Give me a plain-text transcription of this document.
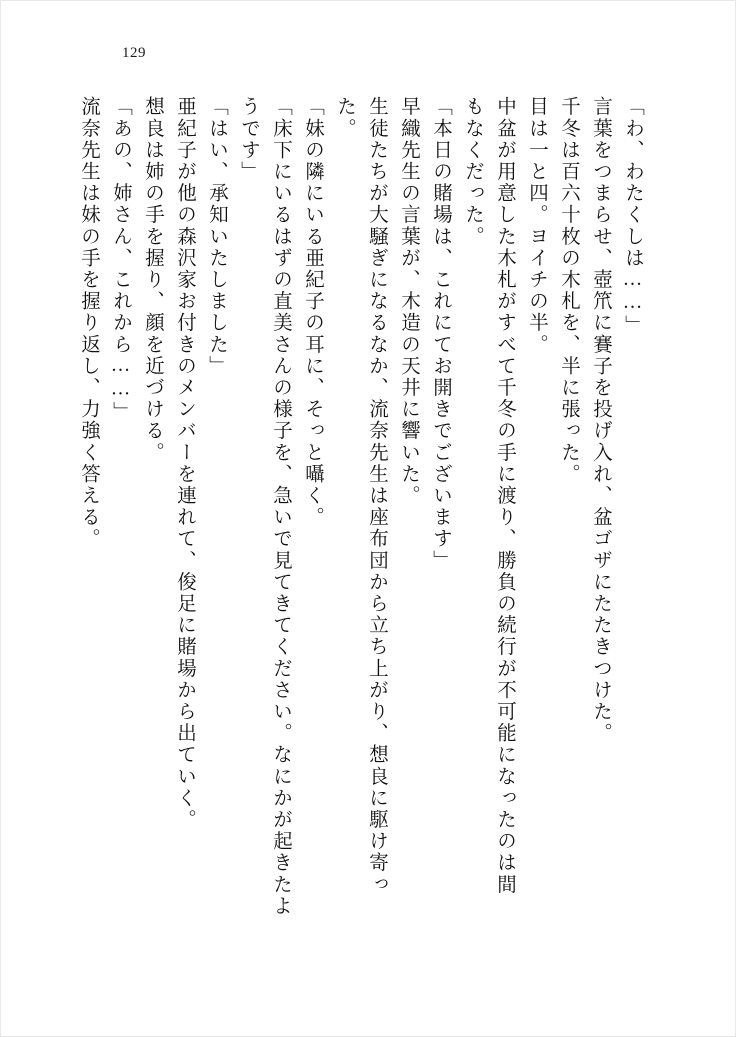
129
「わ、わたくしは……」
言葉をつまらせ、壺笊に賽子を投げ入れ、盆ゴザにたたきつけた。
千冬は百六十枚の木札を、半に張った。
目は一と四。ヨイチの半。
中盆が用意した木札がすべて千冬の手に渡り、勝負の続行が不可能になったのは間
もなくだった。
「本日の賭場は、これにてお開きでございます」
早織先生の言葉が、木造の天井に響いた。
生徒たちが大騒ぎになるなか、流奈先生は座布団から立ち上がり、想良に駆け寄っ
た。
「妹の隣にいる亜紀子の耳に、そっと囁く。
「床下にいるはずの直美さんの様子を、急いで見てきてください。なにかが起きたよ
うです」
「はい、承知いたしました」
亜紀子が他の森沢家お付きのメンバーを連れて、俊足に賭場から出ていく。
想良は姉の手を握り、顔を近づける。
「あの、姉さん、これから……」
流奈先生は妹の手を握り返し、力強く答える。
